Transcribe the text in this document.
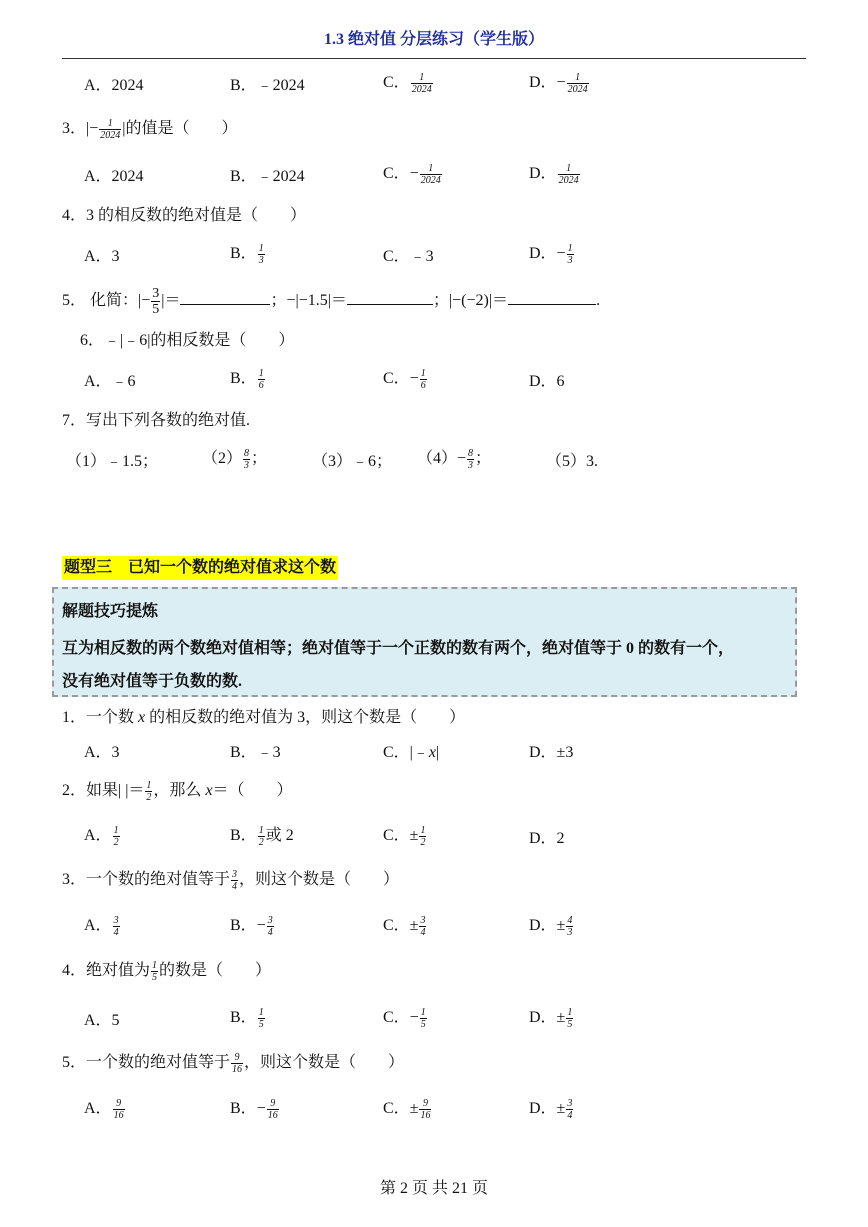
1.3 绝对值 分层练习（学生版）
A．2024	B．﹣2024	C． $\frac{1}{2024}$	D．− $\frac{1}{2024}$
3．|− $\frac{1}{2024}$ |的值是（　　）
A．2024	B．﹣2024	C．− $\frac{1}{2024}$	D． $\frac{1}{2024}$
4．3 的相反数的绝对值是（　　）
A．3	B． $\frac{1}{3}$	C．﹣3	D．− $\frac{1}{3}$
5． 化简：|− $\frac{3}{5}$ |＝	；−|−1.5|＝	；|−(−2)|＝	.
6．﹣|﹣6|的相反数是（　　）
A．﹣6	B． $\frac{1}{6}$	C．− $\frac{1}{6}$	D．6
7．写出下列各数的绝对值.
（1）﹣1.5；	$(2) \frac{8}{3}$ ；	（3）﹣6； $(4)- \frac{8}{3}$ ；	（5）3.
题型三　已知一个数的绝对值求这个数
解题技巧提炼
互为相反数的两个数绝对值相等；绝对值等于一个正数的数有两个，绝对值等于 0 的数有一个，
没有绝对值等于负数的数.
1．一个数 x 的相反数的绝对值为 3，则这个数是（　　）
A．3	B．﹣3	C．|﹣x|	D．±3
2．如果| |＝ $\frac{1}{2}$ ，那么 x＝（　　）
A． $\frac{1}{2}$	B． $\frac{1}{2}$ 或 2	C．± $\frac{1}{2}$	D．2
3．一个数的绝对值等于 $\frac{3}{4}$ ，则这个数是（　　）
A． $\frac{3}{4}$	B．− $\frac{3}{4}$	C．± $\frac{3}{4}$	D．± $\frac{4}{3}$
4．绝对值为 $\frac{1}{5}$ 的数是（　　）
A．5	B． $\frac{1}{5}$	C．− $\frac{1}{5}$	D．± $\frac{1}{5}$
5．一个数的绝对值等于 $\frac{9}{16}$ ，则这个数是（　　）
A． $\frac{9}{16}$	B．− $\frac{9}{16}$	C．± $\frac{9}{16}$	D．± $\frac{3}{4}$
第 2 页 共 21 页
